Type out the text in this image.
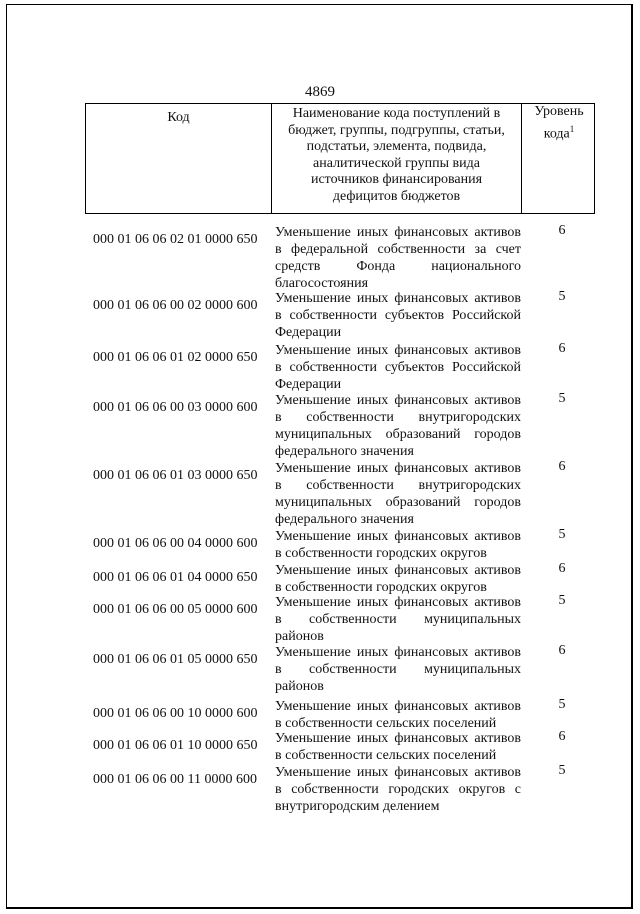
4869
Код	Наименование кода поступлений в
бюджет, группы, подгруппы, статьи,
подстатьи, элемента, подвида,
аналитической группы вида
источников финансирования
дефицитов бюджетов
Уровень
кода$^1$
000 01 06 06 02 01 0000 650	Уменьшение иных финансовых активов
в федеральной собственности за счет
средств Фонда национального
благосостояния
6
000 01 06 06 00 02 0000 600	Уменьшение иных финансовых активов
в собственности субъектов Российской
Федерации
5
000 01 06 06 01 02 0000 650	Уменьшение иных финансовых активов
в собственности субъектов Российской
Федерации
6
000 01 06 06 00 03 0000 600	Уменьшение иных финансовых активов
в собственности внутригородских
муниципальных образований городов
федерального значения
5
000 01 06 06 01 03 0000 650	Уменьшение иных финансовых активов
в собственности внутригородских
муниципальных образований городов
федерального значения
6
000 01 06 06 00 04 0000 600	Уменьшение иных финансовых активов
в собственности городских округов
5
000 01 06 06 01 04 0000 650	Уменьшение иных финансовых активов
в собственности городских округов
6
000 01 06 06 00 05 0000 600	Уменьшение иных финансовых активов
в собственности муниципальных
районов
5
000 01 06 06 01 05 0000 650	Уменьшение иных финансовых активов
в собственности муниципальных
районов
6
000 01 06 06 00 10 0000 600	Уменьшение иных финансовых активов
в собственности сельских поселений
5
000 01 06 06 01 10 0000 650	Уменьшение иных финансовых активов
в собственности сельских поселений
6
000 01 06 06 00 11 0000 600	Уменьшение иных финансовых активов
в собственности городских округов с
внутригородским делением
5
